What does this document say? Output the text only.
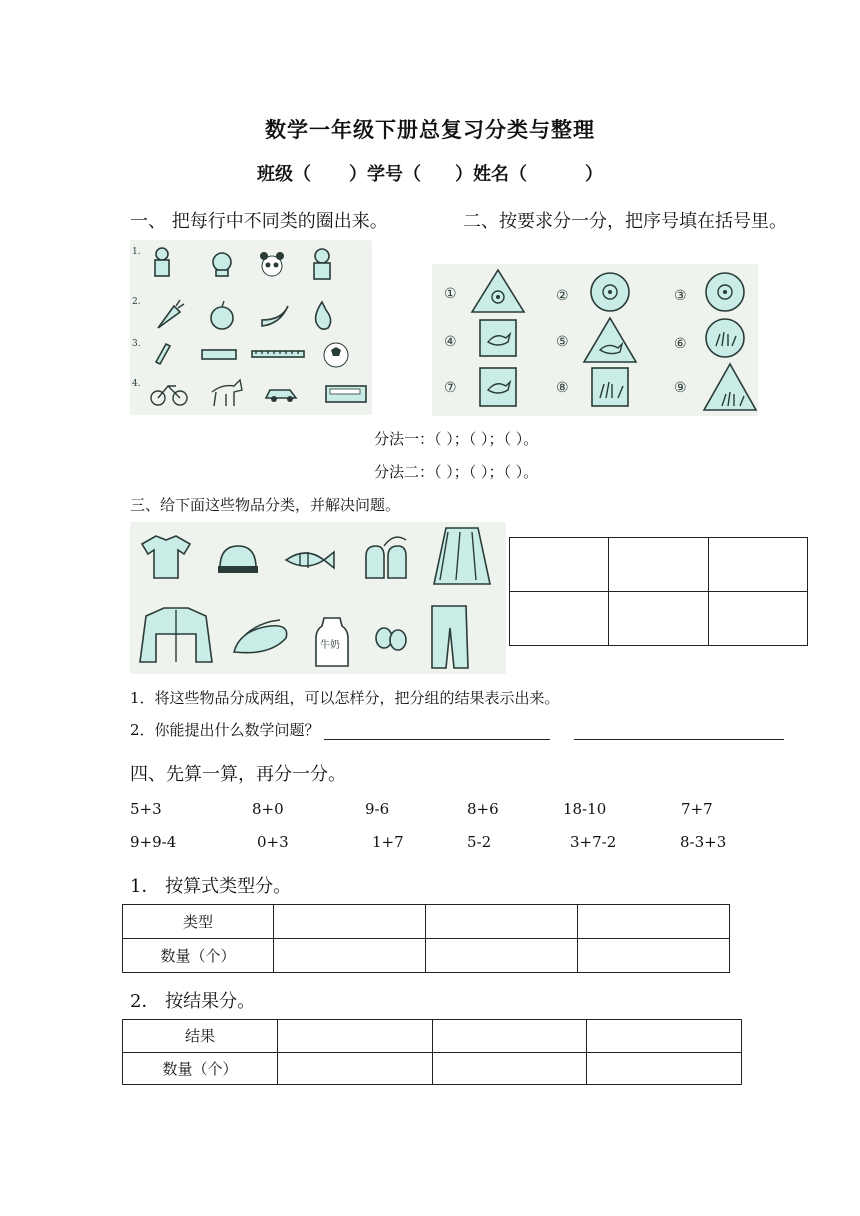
数学一年级下册总复习分类与整理
班级（ ）学号（ ）姓名（	）
一、 把每行中不同类的圈出来。	二、按要求分一分，把序号填在括号里。
1.
2.
3.
4.
①	②	③
④	⑤	⑥
⑦	⑧	⑨
分法一：（ ）；（ ）；（ ）。
分法二：（ ）；（ ）；（ ）。
三、给下面这些物品分类，并解决问题。
牛奶

1．将这些物品分成两组，可以怎样分，把分组的结果表示出来。
2．你能提出什么数学问题？
四、先算一算，再分一分。
5+3	8+0	9-6	8+6	18-10	7+7
9+9-4	0+3	1+7	5-2	3+7-2	8-3+3
1． 按算式类型分。
类型			
数量（个）			
2． 按结果分。
结果			
数量（个）			
